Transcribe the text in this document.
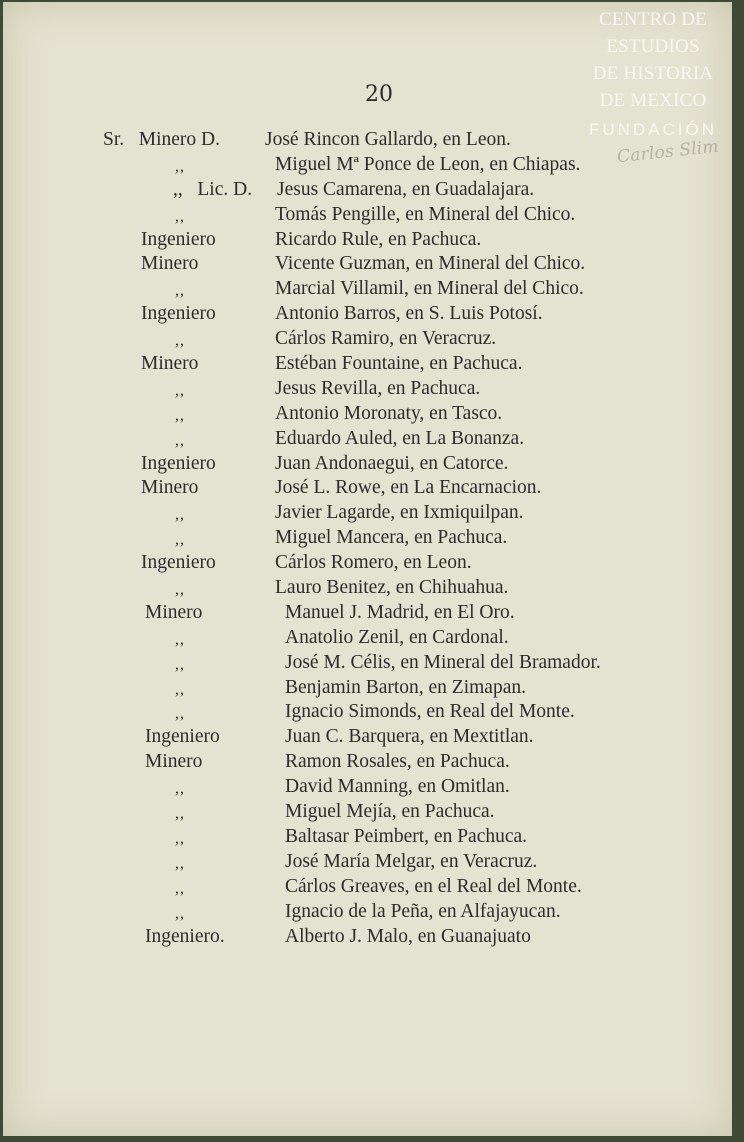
CENTRO DE
ESTUDIOS
DE HISTORIA
DE MEXICO
FUNDACIÓN
Carlos Slim
20
Sr.   Minero D. José Rincon Gallardo, en Leon.
,,	Miguel Mª Ponce de Leon, en Chiapas.
,,   Lic. D. Jesus Camarena, en Guadalajara.
,,	Tomás Pengille, en Mineral del Chico.
Ingeniero	Ricardo Rule, en Pachuca.
Minero	Vicente Guzman, en Mineral del Chico.
,,	Marcial Villamil, en Mineral del Chico.
Ingeniero	Antonio Barros, en S. Luis Potosí.
,,	Cárlos Ramiro, en Veracruz.
Minero	Estéban Fountaine, en Pachuca.
,,	Jesus Revilla, en Pachuca.
,,	Antonio Moronaty, en Tasco.
,,	Eduardo Auled, en La Bonanza.
Ingeniero	Juan Andonaegui, en Catorce.
Minero	José L. Rowe, en La Encarnacion.
,,	Javier Lagarde, en Ixmiquilpan.
,,	Miguel Mancera, en Pachuca.
Ingeniero	Cárlos Romero, en Leon.
,,	Lauro Benitez, en Chihuahua.
Minero	Manuel J. Madrid, en El Oro.
,,	Anatolio Zenil, en Cardonal.
,,	José M. Célis, en Mineral del Bramador.
,,	Benjamin Barton, en Zimapan.
,,	Ignacio Simonds, en Real del Monte.
Ingeniero	Juan C. Barquera, en Mextitlan.
Minero	Ramon Rosales, en Pachuca.
,,	David Manning, en Omitlan.
,,	Miguel Mejía, en Pachuca.
,,	Baltasar Peimbert, en Pachuca.
,,	José María Melgar, en Veracruz.
,,	Cárlos Greaves, en el Real del Monte.
,,	Ignacio de la Peña, en Alfajayucan.
Ingeniero.	Alberto J. Malo, en Guanajuato
